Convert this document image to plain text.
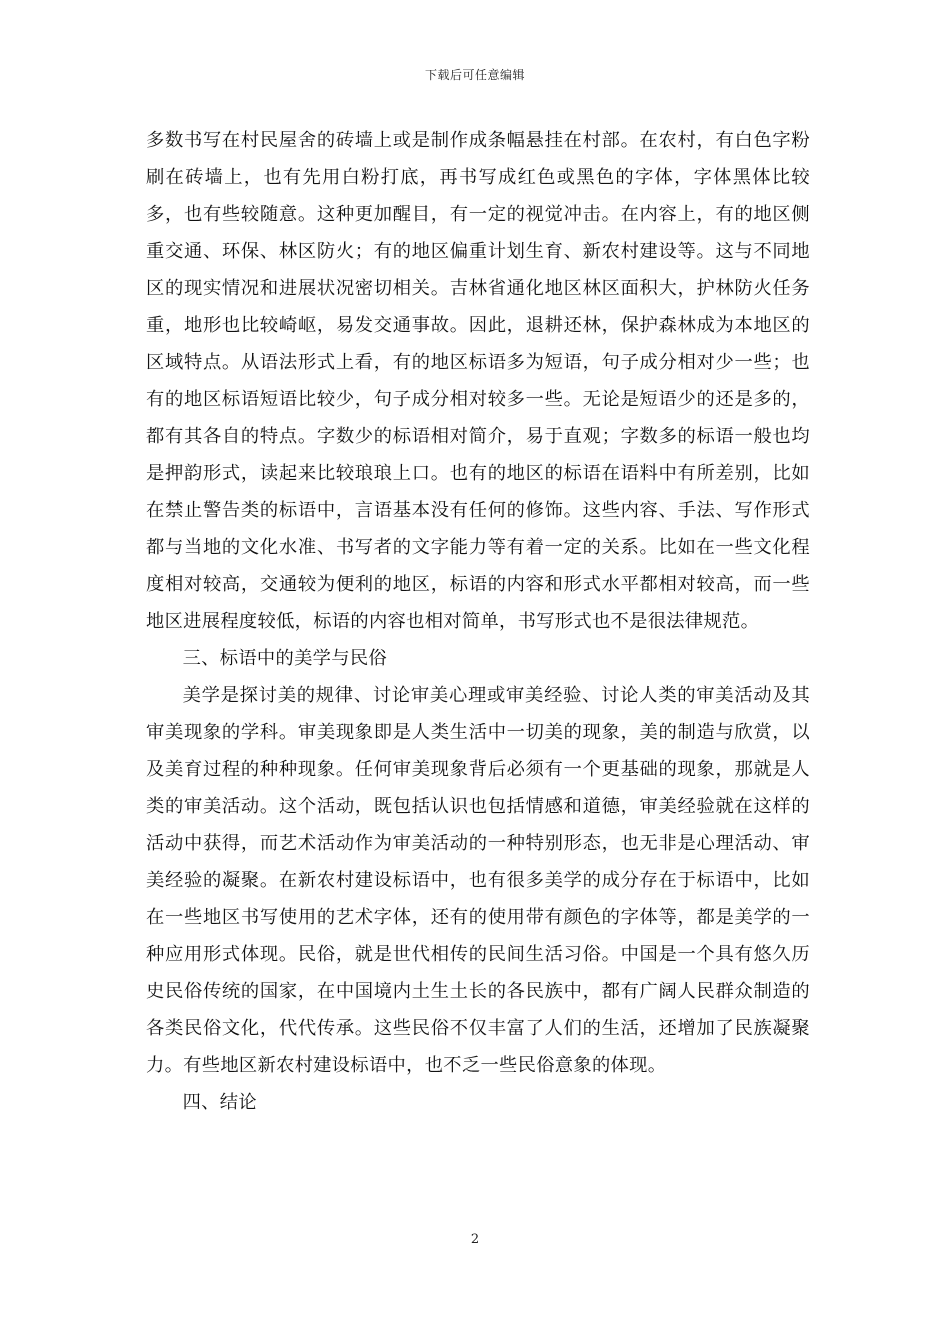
下载后可任意编辑

多数书写在村民屋舍的砖墙上或是制作成条幅悬挂在村部。在农村，有白色字粉刷在砖墙上，也有先用白粉打底，再书写成红色或黑色的字体，字体黑体比较多，也有些较随意。这种更加醒目，有一定的视觉冲击。在内容上，有的地区侧重交通、环保、林区防火；有的地区偏重计划生育、新农村建设等。这与不同地区的现实情况和进展状况密切相关。吉林省通化地区林区面积大，护林防火任务重，地形也比较崎岖，易发交通事故。因此，退耕还林，保护森林成为本地区的区域特点。从语法形式上看，有的地区标语多为短语，句子成分相对少一些；也有的地区标语短语比较少，句子成分相对较多一些。无论是短语少的还是多的，都有其各自的特点。字数少的标语相对简介，易于直观；字数多的标语一般也均是押韵形式，读起来比较琅琅上口。也有的地区的标语在语料中有所差别，比如在禁止警告类的标语中，言语基本没有任何的修饰。这些内容、手法、写作形式都与当地的文化水准、书写者的文字能力等有着一定的关系。比如在一些文化程度相对较高，交通较为便利的地区，标语的内容和形式水平都相对较高，而一些地区进展程度较低，标语的内容也相对简单，书写形式也不是很法律规范。

三、标语中的美学与民俗

美学是探讨美的规律、讨论审美心理或审美经验、讨论人类的审美活动及其审美现象的学科。审美现象即是人类生活中一切美的现象，美的制造与欣赏，以及美育过程的种种现象。任何审美现象背后必须有一个更基础的现象，那就是人类的审美活动。这个活动，既包括认识也包括情感和道德，审美经验就在这样的活动中获得，而艺术活动作为审美活动的一种特别形态，也无非是心理活动、审美经验的凝聚。在新农村建设标语中，也有很多美学的成分存在于标语中，比如在一些地区书写使用的艺术字体，还有的使用带有颜色的字体等，都是美学的一种应用形式体现。民俗，就是世代相传的民间生活习俗。中国是一个具有悠久历史民俗传统的国家，在中国境内土生土长的各民族中，都有广阔人民群众制造的各类民俗文化，代代传承。这些民俗不仅丰富了人们的生活，还增加了民族凝聚力。有些地区新农村建设标语中，也不乏一些民俗意象的体现。

四、结论

2
